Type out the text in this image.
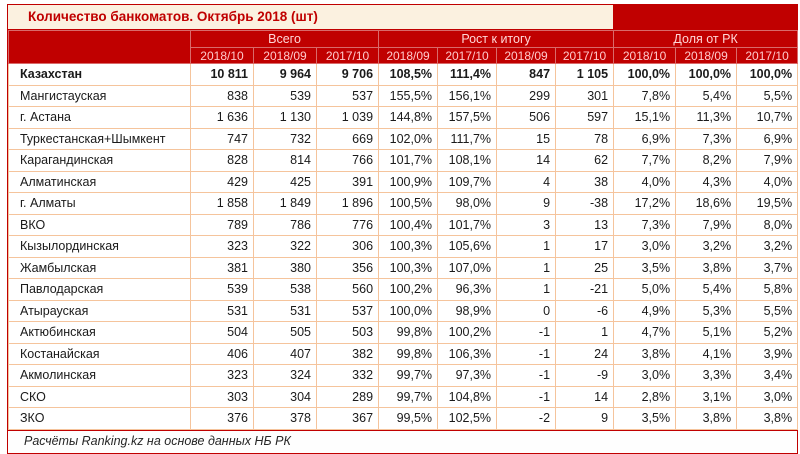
Количество банкоматов. Октябрь 2018 (шт)
	Всего			Рост к итогу				Доля от РК		
	2018/10	2018/09	2017/10	2018/09	2017/10	2018/09	2017/10	2018/10	2018/09	2017/10
Казахстан	10 811	9 964	9 706	108,5%	111,4%	847	1 105	100,0%	100,0%	100,0%
Мангистауская	838	539	537	155,5%	156,1%	299	301	7,8%	5,4%	5,5%
г. Астана	1 636	1 130	1 039	144,8%	157,5%	506	597	15,1%	11,3%	10,7%
Туркестанская+Шымкент	747	732	669	102,0%	111,7%	15	78	6,9%	7,3%	6,9%
Карагандинская	828	814	766	101,7%	108,1%	14	62	7,7%	8,2%	7,9%
Алматинская	429	425	391	100,9%	109,7%	4	38	4,0%	4,3%	4,0%
г. Алматы	1 858	1 849	1 896	100,5%	98,0%	9	-38	17,2%	18,6%	19,5%
ВКО	789	786	776	100,4%	101,7%	3	13	7,3%	7,9%	8,0%
Кызылординская	323	322	306	100,3%	105,6%	1	17	3,0%	3,2%	3,2%
Жамбылская	381	380	356	100,3%	107,0%	1	25	3,5%	3,8%	3,7%
Павлодарская	539	538	560	100,2%	96,3%	1	-21	5,0%	5,4%	5,8%
Атырауская	531	531	537	100,0%	98,9%	0	-6	4,9%	5,3%	5,5%
Актюбинская	504	505	503	99,8%	100,2%	-1	1	4,7%	5,1%	5,2%
Костанайская	406	407	382	99,8%	106,3%	-1	24	3,8%	4,1%	3,9%
Акмолинская	323	324	332	99,7%	97,3%	-1	-9	3,0%	3,3%	3,4%
СКО	303	304	289	99,7%	104,8%	-1	14	2,8%	3,1%	3,0%
ЗКО	376	378	367	99,5%	102,5%	-2	9	3,5%	3,8%	3,8%
Расчёты Ranking.kz на основе данных НБ РК
